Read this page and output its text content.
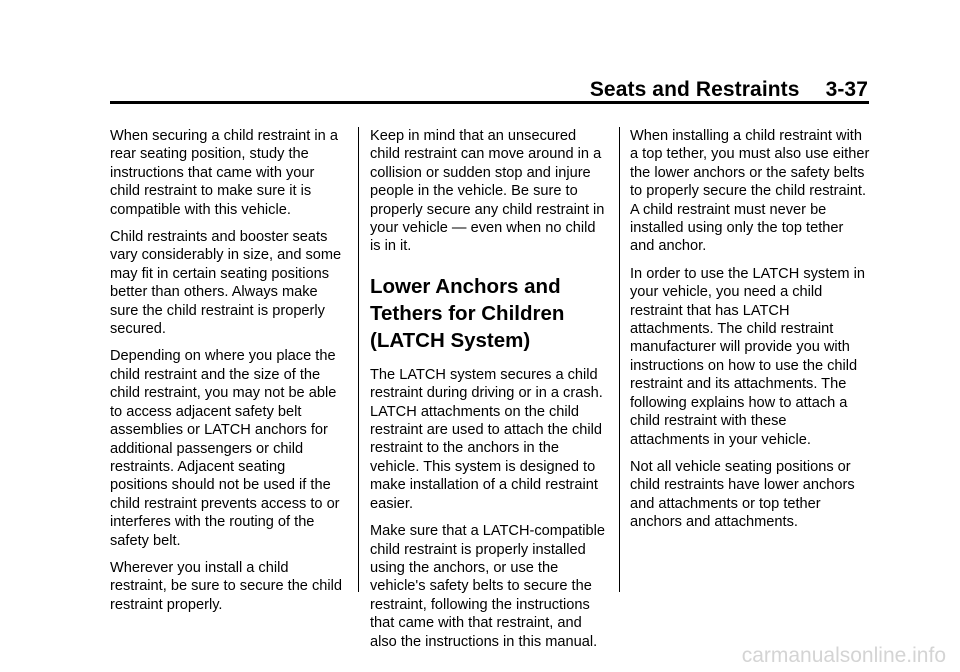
Seats and Restraints 3-37

When securing a child restraint in a rear seating position, study the instructions that came with your child restraint to make sure it is compatible with this vehicle.

Child restraints and booster seats vary considerably in size, and some may fit in certain seating positions better than others. Always make sure the child restraint is properly secured.

Depending on where you place the child restraint and the size of the child restraint, you may not be able to access adjacent safety belt assemblies or LATCH anchors for additional passengers or child restraints. Adjacent seating positions should not be used if the child restraint prevents access to or interferes with the routing of the safety belt.

Wherever you install a child restraint, be sure to secure the child restraint properly.

Keep in mind that an unsecured child restraint can move around in a collision or sudden stop and injure people in the vehicle. Be sure to properly secure any child restraint in your vehicle — even when no child is in it.

Lower Anchors and Tethers for Children (LATCH System)

The LATCH system secures a child restraint during driving or in a crash. LATCH attachments on the child restraint are used to attach the child restraint to the anchors in the vehicle. This system is designed to make installation of a child restraint easier.

Make sure that a LATCH-compatible child restraint is properly installed using the anchors, or use the vehicle's safety belts to secure the restraint, following the instructions that came with that restraint, and also the instructions in this manual.

When installing a child restraint with a top tether, you must also use either the lower anchors or the safety belts to properly secure the child restraint. A child restraint must never be installed using only the top tether and anchor.

In order to use the LATCH system in your vehicle, you need a child restraint that has LATCH attachments. The child restraint manufacturer will provide you with instructions on how to use the child restraint and its attachments. The following explains how to attach a child restraint with these attachments in your vehicle.

Not all vehicle seating positions or child restraints have lower anchors and attachments or top tether anchors and attachments.

carmanualsonline.info
